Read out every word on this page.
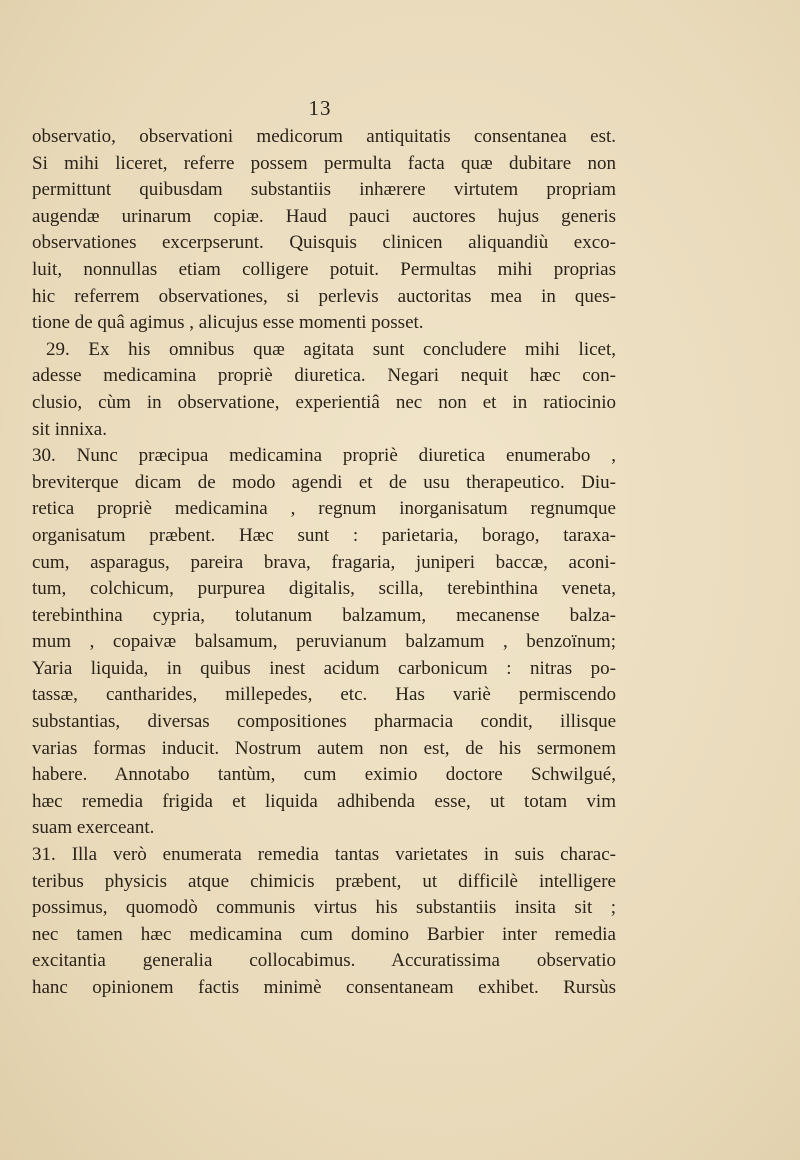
13
observatio, observationi medicorum antiquitatis consentanea est.
Si mihi liceret, referre possem permulta facta quæ dubitare non
permittunt quibusdam substantiis inhærere virtutem propriam
augendæ urinarum copiæ. Haud pauci auctores hujus generis
observationes excerpserunt. Quisquis clinicen aliquandiù exco-
luit, nonnullas etiam colligere potuit. Permultas mihi proprias
hic referrem observationes, si perlevis auctoritas mea in ques-
tione de quâ agimus , alicujus esse momenti posset.
29. Ex his omnibus quæ agitata sunt concludere mihi licet,
adesse medicamina propriè diuretica. Negari nequit hæc con-
clusio, cùm in observatione, experientiâ nec non et in ratiocinio
sit innixa.
30. Nunc præcipua medicamina propriè diuretica enumerabo ,
breviterque dicam de modo agendi et de usu therapeutico. Diu-
retica propriè medicamina , regnum inorganisatum regnumque
organisatum præbent. Hæc sunt : parietaria, borago, taraxa-
cum, asparagus, pareira brava, fragaria, juniperi baccæ, aconi-
tum, colchicum, purpurea digitalis, scilla, terebinthina veneta,
terebinthina cypria, tolutanum balzamum, mecanense balza-
mum , copaivæ balsamum, peruvianum balzamum , benzoïnum;
Yaria liquida, in quibus inest acidum carbonicum : nitras po-
tassæ, cantharides, millepedes, etc. Has variè permiscendo
substantias, diversas compositiones pharmacia condit, illisque
varias formas inducit. Nostrum autem non est, de his sermonem
habere. Annotabo tantùm, cum eximio doctore Schwilgué,
hæc remedia frigida et liquida adhibenda esse, ut totam vim
suam exerceant.
31. Illa verò enumerata remedia tantas varietates in suis charac-
teribus physicis atque chimicis præbent, ut difficilè intelligere
possimus, quomodò communis virtus his substantiis insita sit ;
nec tamen hæc medicamina cum domino Barbier inter remedia
excitantia generalia collocabimus. Accuratissima observatio
hanc opinionem factis minimè consentaneam exhibet. Rursùs
